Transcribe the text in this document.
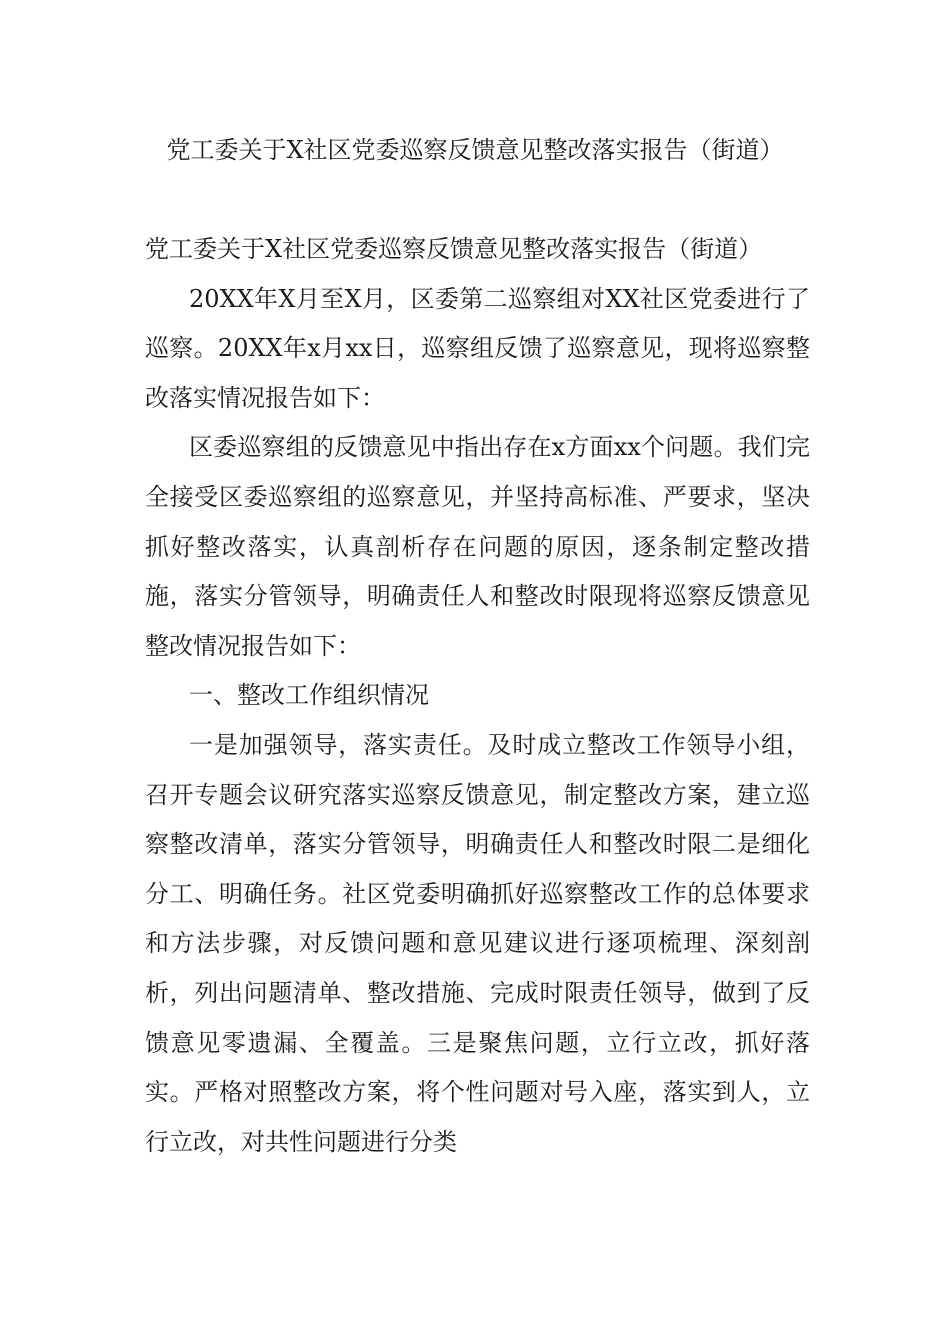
党工委关于X社区党委巡察反馈意见整改落实报告（街道）

党工委关于X社区党委巡察反馈意见整改落实报告（街道）

20XX年X月至X月，区委第二巡察组对XX社区党委进行了巡察。20XX年x月xx日，巡察组反馈了巡察意见，现将巡察整改落实情况报告如下：

区委巡察组的反馈意见中指出存在x方面xx个问题。我们完全接受区委巡察组的巡察意见，并坚持高标准、严要求，坚决抓好整改落实，认真剖析存在问题的原因，逐条制定整改措施，落实分管领导，明确责任人和整改时限现将巡察反馈意见整改情况报告如下：

一、整改工作组织情况

一是加强领导，落实责任。及时成立整改工作领导小组，召开专题会议研究落实巡察反馈意见，制定整改方案，建立巡察整改清单，落实分管领导，明确责任人和整改时限二是细化分工、明确任务。社区党委明确抓好巡察整改工作的总体要求和方法步骤，对反馈问题和意见建议进行逐项梳理、深刻剖析，列出问题清单、整改措施、完成时限责任领导，做到了反馈意见零遗漏、全覆盖。三是聚焦问题，立行立改，抓好落实。严格对照整改方案，将个性问题对号入座，落实到人，立行立改，对共性问题进行分类
